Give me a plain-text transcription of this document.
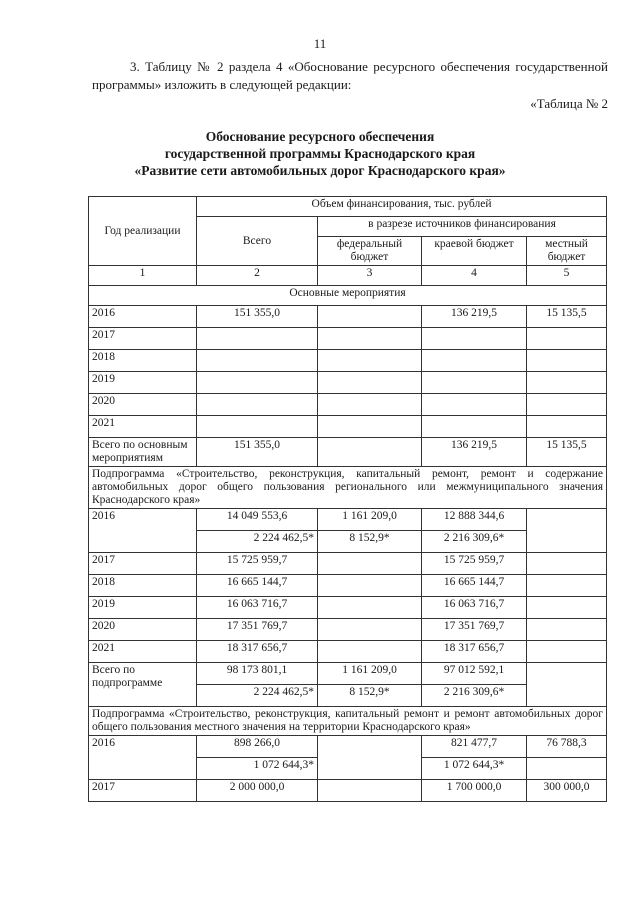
11
3. Таблицу № 2 раздела 4 «Обоснование ресурсного обеспечения государственной программы» изложить в следующей редакции:
«Таблица № 2
Обоснование ресурсного обеспечения
государственной программы Краснодарского края
«Развитие сети автомобильных дорог Краснодарского края»
Год реализации	Объем финансирования, тыс. рублей			
	Всего	в разрезе источников финансирования		
		федеральный бюджет	краевой бюджет	местный бюджет
1	2	3	4	5
Основные мероприятия				
2016	151 355,0		136 219,5	15 135,5
2017				
2018				
2019				
2020				
2021				
Всего по основным мероприятиям	151 355,0		136 219,5	15 135,5
Подпрограмма «Строительство, реконструкция, капитальный ремонт, ремонт и содержание автомобильных дорог общего пользования регионального или межмуниципального значения Краснодарского края»				
2016	14 049 553,6	1 161 209,0	12 888 344,6	
	2 224 462,5*	8 152,9*	2 216 309,6*	
2017	15 725 959,7		15 725 959,7	
2018	16 665 144,7		16 665 144,7	
2019	16 063 716,7		16 063 716,7	
2020	17 351 769,7		17 351 769,7	
2021	18 317 656,7		18 317 656,7	
Всего по подпрограмме	98 173 801,1	1 161 209,0	97 012 592,1	
	2 224 462,5*	8 152,9*	2 216 309,6*	
Подпрограмма «Строительство, реконструкция, капитальный ремонт и ремонт автомобильных дорог общего пользования местного значения на территории Краснодарского края»				
2016	898 266,0		821 477,7	76 788,3
	1 072 644,3*		1 072 644,3*	
2017	2 000 000,0		1 700 000,0	300 000,0
